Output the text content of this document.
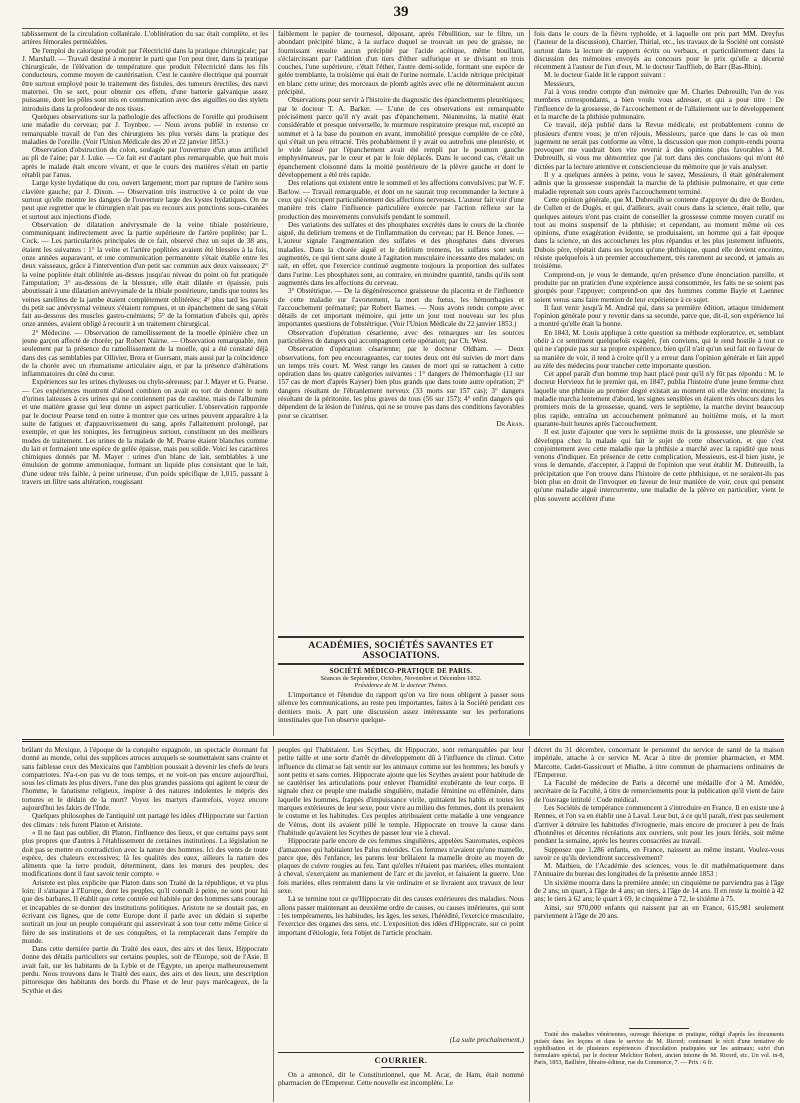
39

tablissement de la circulation collatérale. L'oblitération du sac était complète, et les artères fémorales perméables.

De l'emploi du calorique produit par l'électricité dans la pratique chirurgicale; par J. Marshall. — Travail destiné à montrer le parti que l'on peut tirer, dans la pratique chirurgicale, de l'élévation de température que produit l'électricité dans les fils conducteurs, comme moyen de cautérisation. C'est le cautère électrique qui pourrait être surtout employé pour le traitement des fistules, des tumeurs érectiles, des nævi maternei. On se sert, pour obtenir ces effets, d'une batterie galvanique assez puissante, dont les pôles sont mis en communication avec des aiguilles ou des stylets introduits dans la profondeur de nos tissus.

Quelques observations sur la pathologie des affections de l'oreille qui produisent une maladie du cerveau; par J. Toynbee. — Nous avons publié in extenso ce remarquable travail de l'un des chirurgiens les plus versés dans la pratique des maladies de l'oreille. (Voir l'Union Médicale des 20 et 22 janvier 1853.)

Observation d'obstruction du colon, soulagée par l'ouverture d'un anus artificiel au pli de l'aine; par J. Luke. — Ce fait est d'autant plus remarquable, que huit mois après le malade était encore vivant, et que le cours des matières s'était en partie rétabli par l'anus.

Large kyste hydatique du cou, ouvert largement; mort par rupture de l'artère sous clavière gauche; par J. Dixon. — Observation très instructive à ce point de vue surtout qu'elle montre les dangers de l'ouverture large des kystes hydatiques. On ne peut que regretter que le chirurgien n'ait pas eu recours aux ponctions sous-cutanées et surtout aux injections d'iode.

Observation de dilatation anévrysmale de la veine tibiale postérieure, communiquant indirectement avec la partie supérieure de l'artère poplitée; par L. Cock. — Les particularités principales de ce fait, observé chez un sujet de 38 ans, étaient les suivantes : 1° la veine et l'artère poplitées avaient été blessées à la fois, onze années auparavant, et une communication permanente s'était établie entre les deux vaisseaux, grâce à l'intervention d'un petit sac commun aux deux vaisseaux; 2° la veine poplitée était oblitérée au-dessus jusqu'au niveau du point où fut pratiquée l'amputation; 3° au-dessous de la blessure, elle était dilatée et épaissie, puis aboutissait à une dilatation anévrysmale de la tibiale postérieure, tandis que toutes les veines satellites de la jambe étaient complètement oblitérées; 4° plus tard les parois du petit sac anévrysmal veineux s'étaient rompues, et un épanchement de sang s'était fait au-dessous des muscles gastro-cnémiens; 5° de la formation d'abcès qui, après onze années, avaient obligé à recourir à un traitement chirurgical.

2° Médecine. — Observation de ramollissement de la moelle épinière chez un jeune garçon affecté de chorée; par Robert Nairne. — Observation remarquable, non seulement par la présence du ramollissement de la moelle, qui a été constaté déjà dans des cas semblables par Ollivier, Brera et Guersant, mais aussi par la coïncidence de la chorée avec un rhumatisme articulaire aigu, et par la présence d'altérations inflammatoires du côté du cœur.

Expériences sur les urines chyleuses ou chylo-séreuses; par J. Mayer et G. Pearse. — Ces expériences montrent d'abord combien on avait eu tort de donner le nom d'urines laiteuses à ces urines qui ne contiennent pas de caséine, mais de l'albumine et une matière grasse qui leur donne un aspect particulier. L'observation rapportée par le docteur Pearse tend en outre à montrer que ces urines peuvent apparaître à la suite de fatigues et d'appauvrissement du sang, après l'allaitement prolongé, par exemple, et que les toniques, les ferrugineux surtout, constituent un des meilleurs modes de traitement. Les urines de la malade de M. Pearse étaient blanches comme du lait et formaient une espèce de gelée épaisse, mais peu solide. Voici les caractères chimiques donnés par M. Mayer : urines d'un blanc de lait, semblables à une émulsion de gomme ammoniaque, formant un liquide plus consistant que le lait, d'une odeur très faible, à peine urineuse, d'un poids spécifique de 1,015, passant à travers un filtre sans altération, rougissant

faiblement le papier de tournesol, déposant, après l'ébullition, sur le filtre, un abondant précipité blanc, à la surface duquel se trouvait un peu de graisse, ne fournissant ensuite aucun précipité par l'acide acétique, même bouillant, s'éclaircissant par l'addition d'un tiers d'éther sulfurique et se divisant en trois couches, l'une supérieure, c'était l'éther, l'autre demi-solide, formant une espèce de gelée tremblante, la troisième qui était de l'urine normale. L'acide nitrique précipitait en blanc cette urine; des morceaux de plomb agités avec elle ne déterminaient aucun précipité.

Observations pour servir à l'histoire du diagnostic des épanchements pleurétiques; par le docteur T. A. Barker. — L'une de ces observations est remarquable précisément parce qu'il n'y avait pas d'épanchement. Néanmoins, la matité était considérable et presque universelle, le murmure respiratoire presque nul, excepté au sommet et à la base du poumon en avant, immobilité presque complète de ce côté, qui s'était un peu rétracté. Très probablement il y avait eu autrefois une pleurésie, et le vide laissé par l'épanchement avait été rempli par le poumon gauche emphysémateux, par le cœur et par le foie déplacés. Dans le second cas, c'était un épanchement cloisonné dans la moitié postérieure de la plèvre gauche et dont le développement a été très rapide.

Des relations qui existent entre le sommeil et les affections convulsives; par W. F. Barlow. — Travail remarquable, et dont on ne saurait trop recommander la lecture à ceux qui s'occupent particulièrement des affections nerveuses. L'auteur fait voir d'une manière très claire l'influence particulière exercée par l'action réflexe sur la production des mouvements convulsifs pendant le sommeil.

Des variations des sulfates et des phosphates excrétés dans le cours de la chorée aiguë, du delirium tremens et de l'inflammation du cerveau; par H. Bence Jones. — L'auteur signale l'augmentation des sulfates et des phosphates dans diverses maladies. Dans la chorée aiguë et le delirium tremens, les sulfates sont seuls augmentés, ce qui tient sans doute à l'agitation musculaire incessante des malades; on sait, en effet, que l'exercice continué augmente toujours la proportion des sulfates dans l'urine. Les phosphates sont, au contraire, en moindre quantité, tandis qu'ils sont augmentés dans les affections du cerveau.

3° Obstétrique. — De la dégénérescence graisseuse du placenta et de l'influence de cette maladie sur l'avortement, la mort du fœtus, les hémorrhagies et l'accouchement prématuré; par Robert Barnes. — Nous avons rendu compte avec détails de cet important mémoire, qui jette un jour tout nouveau sur les plus importantes questions de l'obstétrique. (Voir l'Union Médicale du 22 janvier 1853.)

Observation d'opération césarienne, avec des remarques sur les sources particulières de dangers qui accompagnent cette opération; par Ch. West.

Observation d'opération césarienne; par le docteur Oldham. — Deux observations, fort peu encourageantes, car toutes deux ont été suivies de mort dans un temps très court. M. West range les causes de mort qui se rattachent à cette opération dans les quatre catégories suivantes : 1° dangers de l'hémorrhagie (11 sur 157 cas de mort d'après Kayser) bien plus grands que dans toute autre opération; 2° dangers résultant de l'ébranlement nerveux (33 morts sur 157 cas); 3° dangers résultant de la péritonite, les plus graves de tous (56 sur 157); 4° enfin dangers qui dépendent de la lésion de l'utérus, qui ne se trouve pas dans des conditions favorables pour se cicatriser.

Dr Aran.

fois dans le cours de la fièvre typhoïde, et à laquelle ont pris part MM. Dreyfus (l'auteur de la discussion), Charrier, Thirial, etc., les travaux de la Société ont consisté surtout dans la lecture de rapports écrits ou verbaux, et particulièrement dans la discussion des mémoires envoyés au concours pour le prix qu'elle a décerné récemment à l'auteur de l'un d'eux, M. le docteur Taufflieb, de Barr (Bas-Rhin).

M. le docteur Gaide lit le rapport suivant :

Messieurs,

J'ai à vous rendre compte d'un mémoire que M. Charles Dubreuilh, l'un de vos membres correspondants, a bien voulu vous adresser, et qui a pour titre : De l'influence de la grossesse, de l'accouchement et de l'allaitement sur le développement et la marche de la phthisie pulmonaire.

Ce travail, déjà publié dans la Revue médicale, est probablement connu de plusieurs d'entre vous; je m'en réjouis, Messieurs, parce que dans le cas où mon jugement ne serait pas conforme au vôtre, la discussion que mon compte-rendu pourra provoquer me vaudrait bien vite revenir à des opinions plus favorables à M. Dubreuilh, si vous me démontriez que j'ai tort dans des conclusions qui m'ont été dictées par la lecture attentive et consciencieuse du mémoire que je vais analyser.

Il y a quelques années à peine, vous le savez, Messieurs, il était généralement admis que la grossesse suspendait la marche de la phthisie pulmonaire, et que cette maladie reprenait son cours après l'accouchement terminé.

Cette opinion générale, que M. Dubreuilh se contente d'appuyer du dire de Bordeu, de Cullen et de Dugès, et qui, d'ailleurs, avait cours dans la science, était telle, que quelques auteurs n'ont pas craint de conseiller la grossesse comme moyen curatif ou tout au moins suspensif de la phthisie; et cependant, au moment même où ces opinions, d'une exagération évidente, se produisaient, un homme qui a fait époque dans la science, un des accoucheurs les plus répandus et les plus justement influents, Dubois père, répétait dans ses leçons qu'une phthisique, quand elle devient enceinte, résiste quelquefois à un premier accouchement, très rarement au second, et jamais au troisième.

Comprend-on, je vous le demande, qu'en présence d'une énonciation pareille, et produite par un praticien d'une expérience aussi consommée, les faits ne se soient pas groupés pour l'appuyer; comprend-on que des hommes comme Bayle et Laennec soient venus sans faire mention de leur expérience à ce sujet.

Il faut venir jusqu'à M. Andral qui, dans sa première édition, attaque timidement l'opinion générale pour y revenir dans sa seconde, parce que, dit-il, son expérience lui a montré qu'elle était la bonne.

En 1843, M. Louis applique à cette question sa méthode exploratrice, et, semblant obéir à ce sentiment quelquefois exagéré, j'en conviens, qui le rend hostile à tout ce qui ne s'appuie pas sur sa propre expérience, bien qu'il n'ait qu'un seul fait en faveur de sa manière de voir, il tend à croire qu'il y a erreur dans l'opinion générale et fait appel au zèle des médecins pour trancher cette importante question.

Cet appel paraît d'un homme trop haut placé pour qu'il n'y fût pas répondu : M. le docteur Hervieux fut le premier qui, en 1847, publia l'histoire d'une jeune femme chez laquelle une phthisie au premier degré existait au moment où elle devint enceinte; la maladie marcha lentement d'abord, les signes sensibles en étaient très obscurs dans les premiers mois de la grossesse, quand, vers le septième, la marche devint beaucoup plus rapide, entraîna un accouchement prématuré au huitième mois, et la mort quarante-huit heures après l'accouchement.

Il est juste d'ajouter que vers le septième mois de la grossesse, une pleurésie se développa chez la malade qui fait le sujet de cette observation, et que c'est conjointement avec cette maladie que la phthisie a marché avec la rapidité que nous venons d'indiquer. En présence de cette complication, Messieurs, est-il bien juste, je vous le demande, d'accepter, à l'appui de l'opinion que veut établir M. Dubreuilh, la précipitation que l'on trouve dans l'histoire de cette phthisique, et ne seraient-ils pas bien plus en droit de l'invoquer en faveur de leur manière de voir, ceux qui pensent qu'une maladie aiguë intercurrente, une maladie de la plèvre en particulier, vient le plus souvent accélérer d'une

ACADÉMIES, SOCIÉTÉS SAVANTES ET ASSOCIATIONS.
SOCIÉTÉ MÉDICO-PRATIQUE DE PARIS.
Séances de Septembre, Octobre, Novembre et Décembre 1852.
Présidence de M. le docteur Thénes.

L'importance et l'étendue du rapport qu'on va lire nous obligent à passer sous silence les communications, au reste peu importantes, faites à la Société pendant ces derniers mois. A part une discussion assez intéressante sur les perforations intestinales que l'on observe quelque-

brûlant du Mexique, à l'époque de la conquête espagnole, un spectacle étonnant fut donné au monde, celui des supplices atroces auxquels se soumettaient sans crainte et sans faiblesse ceux des Mexicains que l'ambition poussait à devenir les chefs de leurs compatriotes. N'a-t-on pas vu de tous temps, et ne voit-on pas encore aujourd'hui, sous les climats les plus divers, l'une des plus grandes passions qui agitent le cœur de l'homme, le fanatisme religieux, inspirer à des natures indolentes le mépris des tortures et le dédain de la mort? Voyez les martyrs d'autrefois, voyez encore aujourd'hui les fakirs de l'Inde.

Quelques philosophes de l'antiquité ont partagé les idées d'Hippocrate sur l'action des climats : tels furent Platon et Aristote.

« Il ne faut pas oublier, dit Platon, l'influence des lieux, et que certains pays sont plus propres que d'autres à l'établissement de certaines institutions. La législation ne doit pas se mettre en contradiction avec la nature des hommes. Ici des vents de toute espèce, des chaleurs excessives; là les qualités des eaux, ailleurs la nature des aliments que la terre produit, déterminent, dans les mœurs des peuples, des modifications dont il faut savoir tenir compte. »

Aristote est plus explicite que Platon dans son Traité de la république, et va plus loin; il s'attaque à l'Europe, dont les peuples, qu'il connaît à peine, ne sont pour lui que des barbares. Il établit que cette contrée est habitée par des hommes sans courage et incapables de se donner des institutions politiques. Aristote ne se doutait pas, en écrivant ces lignes, que de cette Europe dont il parle avec un dédain si superbe sortirait un jour un peuple conquérant qui asservirait à son tour cette même Grèce si fière de ses institutions et de ses conquêtes, et la remplacerait dans l'empire du monde.

Dans cette dernière partie du Traité des eaux, des airs et des lieux, Hippocrate donne des détails particuliers sur certains peuples, soit de l'Europe, soit de l'Asie. Il avait fait, sur les habitants de la Lybie et de l'Égypte, un aperçu malheureusement perdu. Nous trouvons dans le Traité des eaux, des airs et des lieux, une description pittoresque des habitants des bords du Phase et de leur pays marécageux, de la Scythie et des

peuples qui l'habitaient. Les Scythes, dit Hippocrate, sont remarquables par leur petite taille et une sorte d'arrêt de développement dû à l'influence du climat. Cette influence du climat se fait sentir sur les animaux comme sur les hommes; les bœufs y sont petits et sans cornes. Hippocrate ajoute que les Scythes avaient pour habitude de se cautériser les articulations pour enlever l'humidité exubérante de leur corps. Il signale chez ce peuple une maladie singulière, maladie féminine ou efféminée, dans laquelle les hommes, frappés d'impuissance virile, quittaient les habits et toutes les marques extérieures de leur sexe, pour vivre au milieu des femmes, dont ils prenaient le costume et les habitudes. Ces peuples attribuaient cette maladie à une vengeance de Vénus, dont ils avaient pillé le temple. Hippocrate en trouve la cause dans l'habitude qu'avaient les Scythes de passer leur vie à cheval.

Hippocrate parle encore de ces femmes singulières, appelées Sauromates, espèces d'amazones qui habitaient les Palus méotides. Ces femmes n'avaient qu'une mamelle, parce que, dès l'enfance, les parens leur brûlaient la mamelle droite au moyen de plaques de cuivre rougies au feu. Tant qu'elles n'étaient pas mariées, elles montaient à cheval, s'exerçaient au maniement de l'arc et du javelot, et faisaient la guerre. Une fois mariées, elles rentraient dans la vie ordinaire et se livraient aux travaux de leur sexe.

Là se termine tout ce qu'Hippocrate dit des causes extérieures des maladies. Nous allons passer maintenant au deuxième ordre de causes, ou causes intérieures, qui sont : les tempéraments, les habitudes, les âges, les sexes, l'hérédité, l'exercice musculaire, l'exercice des organes des sens, etc. L'exposition des idées d'Hippocrate, sur ce point important d'étiologie, fera l'objet de l'article prochain.

(La suite prochainement.)
COURRIER.

On a annoncé, dit le Constitutionnel, que M. Acar, de Ham, était nommé pharmacien de l'Empereur. Cette nouvelle est incomplète. Le

décret du 31 décembre, concernant le personnel du service de santé de la maison impériale, attache à ce service M. Acar à titre de premier pharmacien, et MM. Marcotte, Cadet-Gassicourt et Mialhe, à titre commun de pharmaciens ordinaires de l'Empereur.

La Faculté de médecine de Paris a décerné une médaille d'or à M. Amédée, secrétaire de la Faculté, à titre de remerciements pour la publication qu'il vient de faire de l'ouvrage intitulé : Code médical.

Les Sociétés de tempérance commencent à s'introduire en France. Il en existe une à Rennes, et l'on va en établir une à Laval. Leur but, à ce qu'il paraît, n'est pas seulement d'arriver à détruire les habitudes d'ivrognerie, mais encore de procurer à peu de frais d'honnêtes et décentes récréations aux ouvriers, soit pour les jours fériés, soit même pendant la semaine, après les heures consacrées au travail.

Supposez que 1,286 enfants, en France, naissent au même instant. Voulez-vous savoir ce qu'ils deviendront successivement?

M. Mathieu, de l'Académie des sciences, vous le dit mathématiquement dans l'Annuaire du bureau des longitudes de la présente année 1853 :

Un sixième mourra dans la première année; un cinquième ne parviendra pas à l'âge de 2 ans; un quart, à l'âge de 4 ans; un tiers, à l'âge de 14 ans. Il en reste la moitié à 42 ans; le tiers à 62 ans; le quart à 69, le cinquième à 72, le sixième à 75.

Ainsi, sur 970,000 enfants qui naissent par an en France, 615,981 seulement parviennent à l'âge de 20 ans.

Traité des maladies vénériennes, ouvrage théorique et pratique, rédigé d'après les documents puisés dans les leçons et dans le service de M. Ricord; contenant le récit d'une tentative de syphilisation et de plusieurs expériences d'inoculation pratiquées sur les animaux; suivi d'un formulaire spécial, par le docteur Melchior Robert, ancien interne de M. Ricord, etc. Un vol. in-8, Paris, 1853, Baillière, libraire-éditeur, rue du Commerce, 7. — Prix : 6 fr.
